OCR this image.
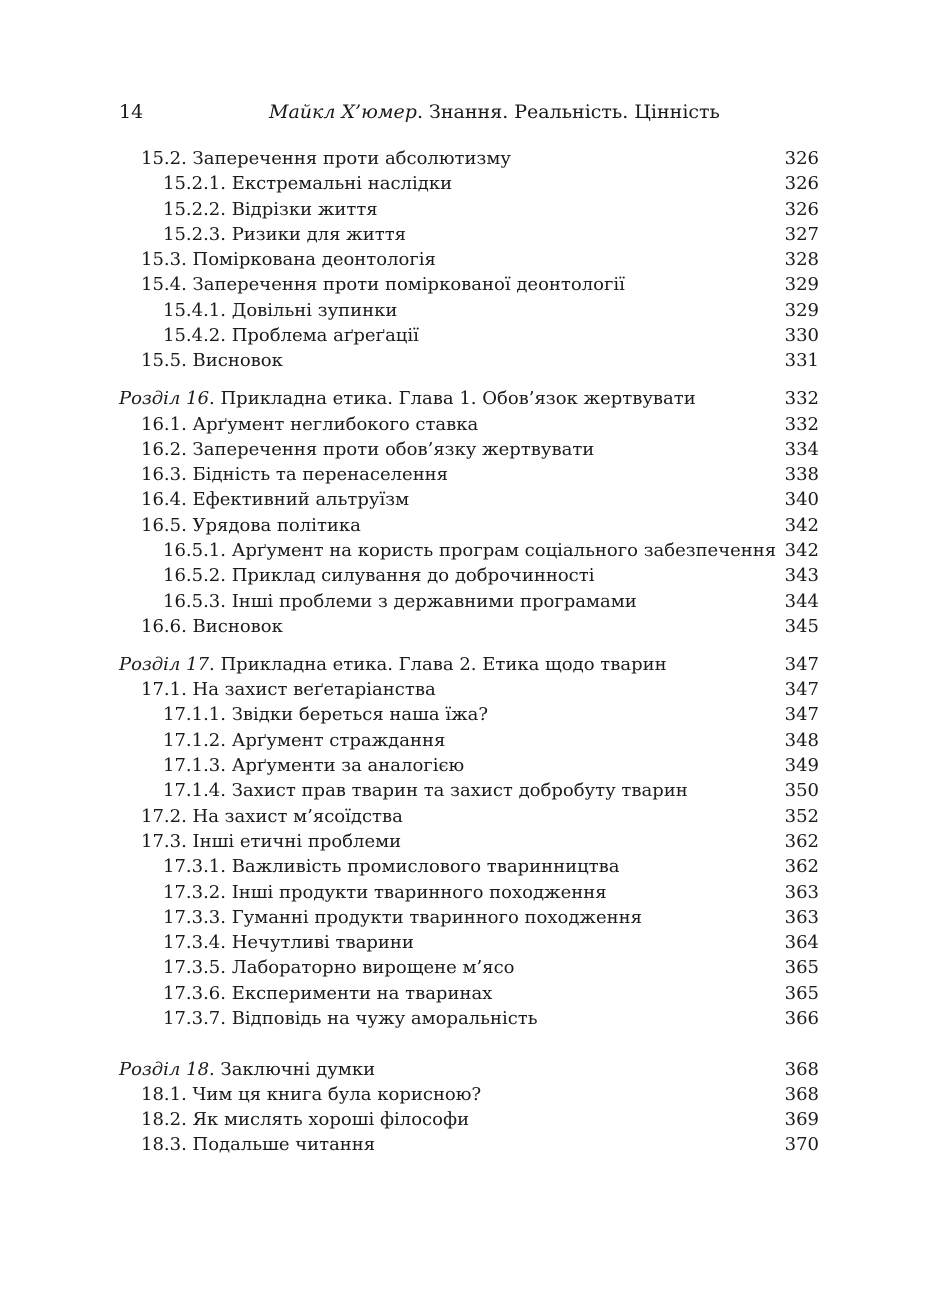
14	Майкл Х’юмер. Знання. Реальність. Цінність
15.2. Заперечення проти абсолютизму	326
15.2.1. Екстремальні наслідки	326
15.2.2. Відрізки життя	326
15.2.3. Ризики для життя	327
15.3. Поміркована деонтологія	328
15.4. Заперечення проти поміркованої деонтології	329
15.4.1. Довільні зупинки	329
15.4.2. Проблема аґреґації	330
15.5. Висновок	331
Розділ 16. Прикладна етика. Глава 1. Обов’язок жертвувати	332
16.1. Арґумент неглибокого ставка	332
16.2. Заперечення проти обов’язку жертвувати	334
16.3. Бідність та перенаселення	338
16.4. Ефективний альтруїзм	340
16.5. Урядова політика	342
16.5.1. Арґумент на користь програм соціального забезпечення 342
16.5.2. Приклад силування до доброчинності	343
16.5.3. Інші проблеми з державними програмами	344
16.6. Висновок	345
Розділ 17. Прикладна етика. Глава 2. Етика щодо тварин	347
17.1. На захист веґетаріанства	347
17.1.1. Звідки береться наша їжа?	347
17.1.2. Арґумент страждання	348
17.1.3. Арґументи за аналогією	349
17.1.4. Захист прав тварин та захист добробуту тварин	350
17.2. На захист м’ясоїдства	352
17.3. Інші етичні проблеми	362
17.3.1. Важливість промислового тваринництва	362
17.3.2. Інші продукти тваринного походження	363
17.3.3. Гуманні продукти тваринного походження	363
17.3.4. Нечутливі тварини	364
17.3.5. Лабораторно вирощене м’ясо	365
17.3.6. Експерименти на тваринах	365
17.3.7. Відповідь на чужу аморальність	366
Розділ 18. Заключні думки	368
18.1. Чим ця книга була корисною?	368
18.2. Як мислять хороші філософи	369
18.3. Подальше читання	370
